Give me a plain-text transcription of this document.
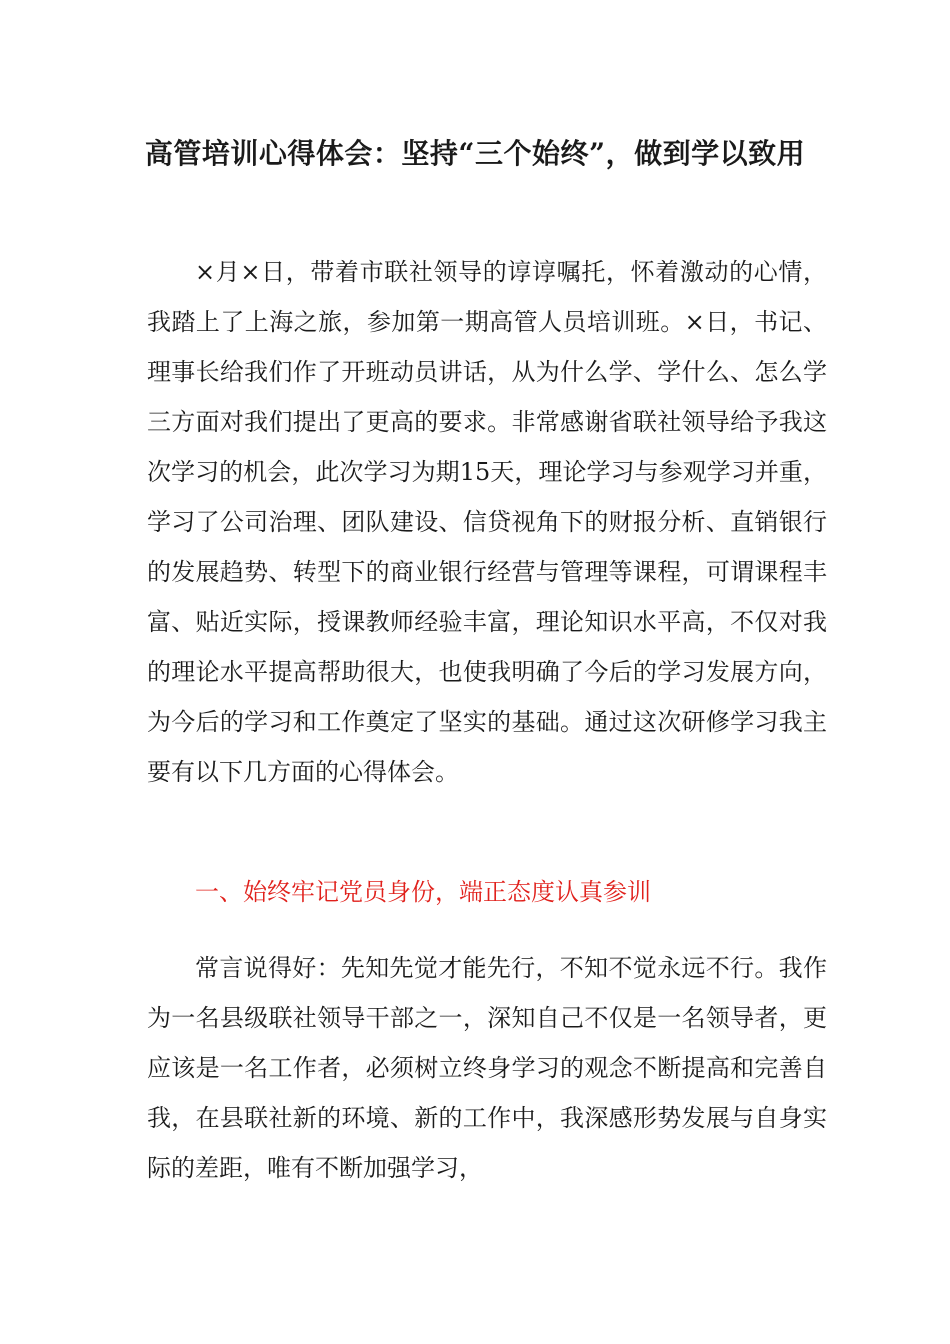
高管培训心得体会：坚持“三个始终”，做到学以致用

×月×日，带着市联社领导的谆谆嘱托，怀着激动的心情，我踏上了上海之旅，参加第一期高管人员培训班。×日，书记、理事长给我们作了开班动员讲话，从为什么学、学什么、怎么学三方面对我们提出了更高的要求。非常感谢省联社领导给予我这次学习的机会，此次学习为期15天，理论学习与参观学习并重，学习了公司治理、团队建设、信贷视角下的财报分析、直销银行的发展趋势、转型下的商业银行经营与管理等课程，可谓课程丰富、贴近实际，授课教师经验丰富，理论知识水平高，不仅对我的理论水平提高帮助很大，也使我明确了今后的学习发展方向，为今后的学习和工作奠定了坚实的基础。通过这次研修学习我主要有以下几方面的心得体会。

一、始终牢记党员身份，端正态度认真参训

常言说得好：先知先觉才能先行，不知不觉永远不行。我作为一名县级联社领导干部之一，深知自己不仅是一名领导者，更应该是一名工作者，必须树立终身学习的观念不断提高和完善自我，在县联社新的环境、新的工作中，我深感形势发展与自身实际的差距，唯有不断加强学习，
